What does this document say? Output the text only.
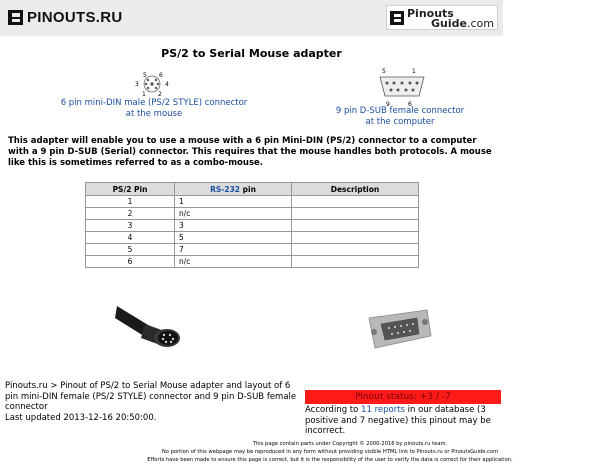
PINOUTS.RU	Pinouts
Guide.com
PS/2 to Serial Mouse adapter
5 6
3	4
1 2
6 pin mini-DIN male (PS/2 STYLE) connector
at the mouse
5	1
9	6
9 pin D-SUB female connector
at the computer
This adapter will enable you to use a mouse with a 6 pin Mini-DIN (PS/2) connector to a computer with a 9 pin D-SUB (Serial) connector. This requires that the mouse handles both protocols. A mouse like this is sometimes referred to as a combo-mouse.
PS/2 Pin	RS-232 pin	Description
1	1	
2	n/c	
3	3	
4	5	
5	7	
6	n/c	
Pinouts.ru > Pinout of PS/2 to Serial Mouse adapter and layout of 6 pin mini-DIN female (PS/2 STYLE) connector and 9 pin D-SUB female connector
Last updated 2013-12-16 20:50:00.
Pinout status: +3 / -7
According to 11 reports in our database (3 positive and 7 negative) this pinout may be incorrect.
This page contain parts under Copyright © 2000-2016 by pinouts.ru team.
No portion of this webpage may be reproduced in any form without providing visible HTML link to Pinouts.ru or PinoutsGuide.com
Efforts have been made to ensure this page is correct, but it is the responsibility of the user to verify the data is correct for their application.
